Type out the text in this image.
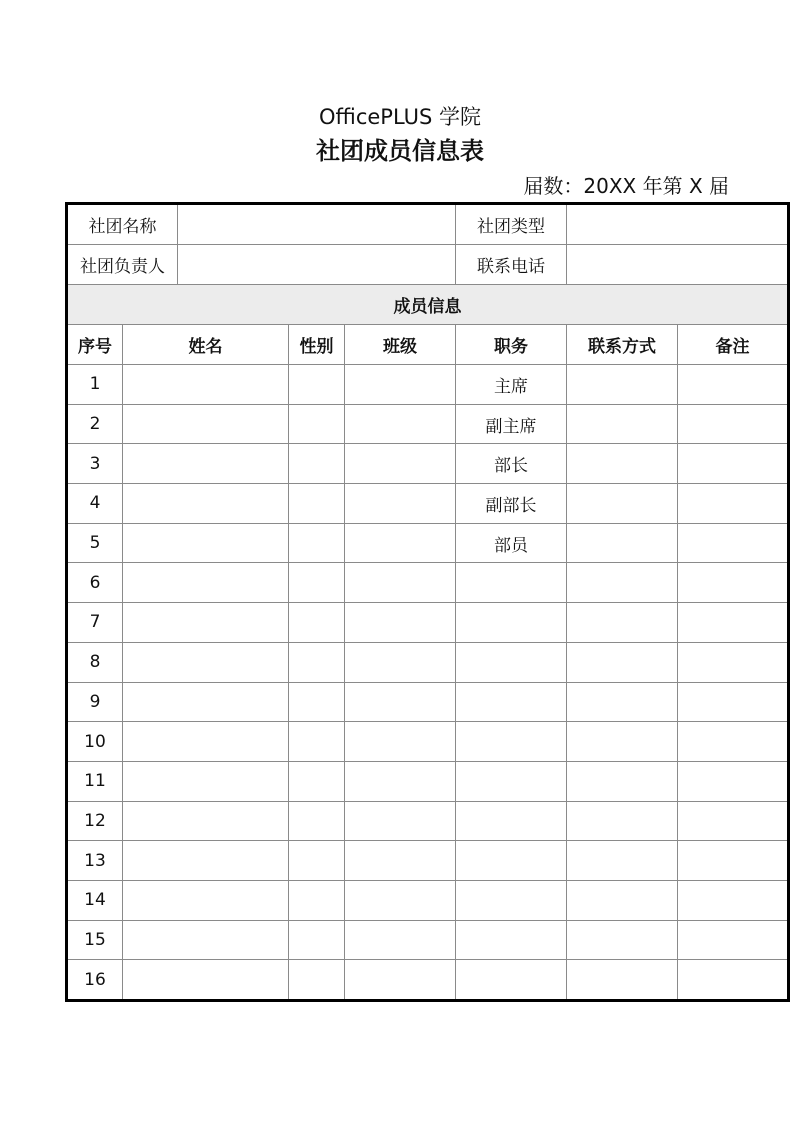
OfficePLUS 学院
社团成员信息表
届数：20XX 年第 X 届
社团名称					社团类型		
社团负责人					联系电话		
成员信息							
序号	姓名		性别	班级	职务	联系方式	备注
1					主席		
2					副主席		
3					部长		
4					副部长		
5					部员		
6							
7							
8							
9							
10							
11							
12							
13							
14							
15							
16							
